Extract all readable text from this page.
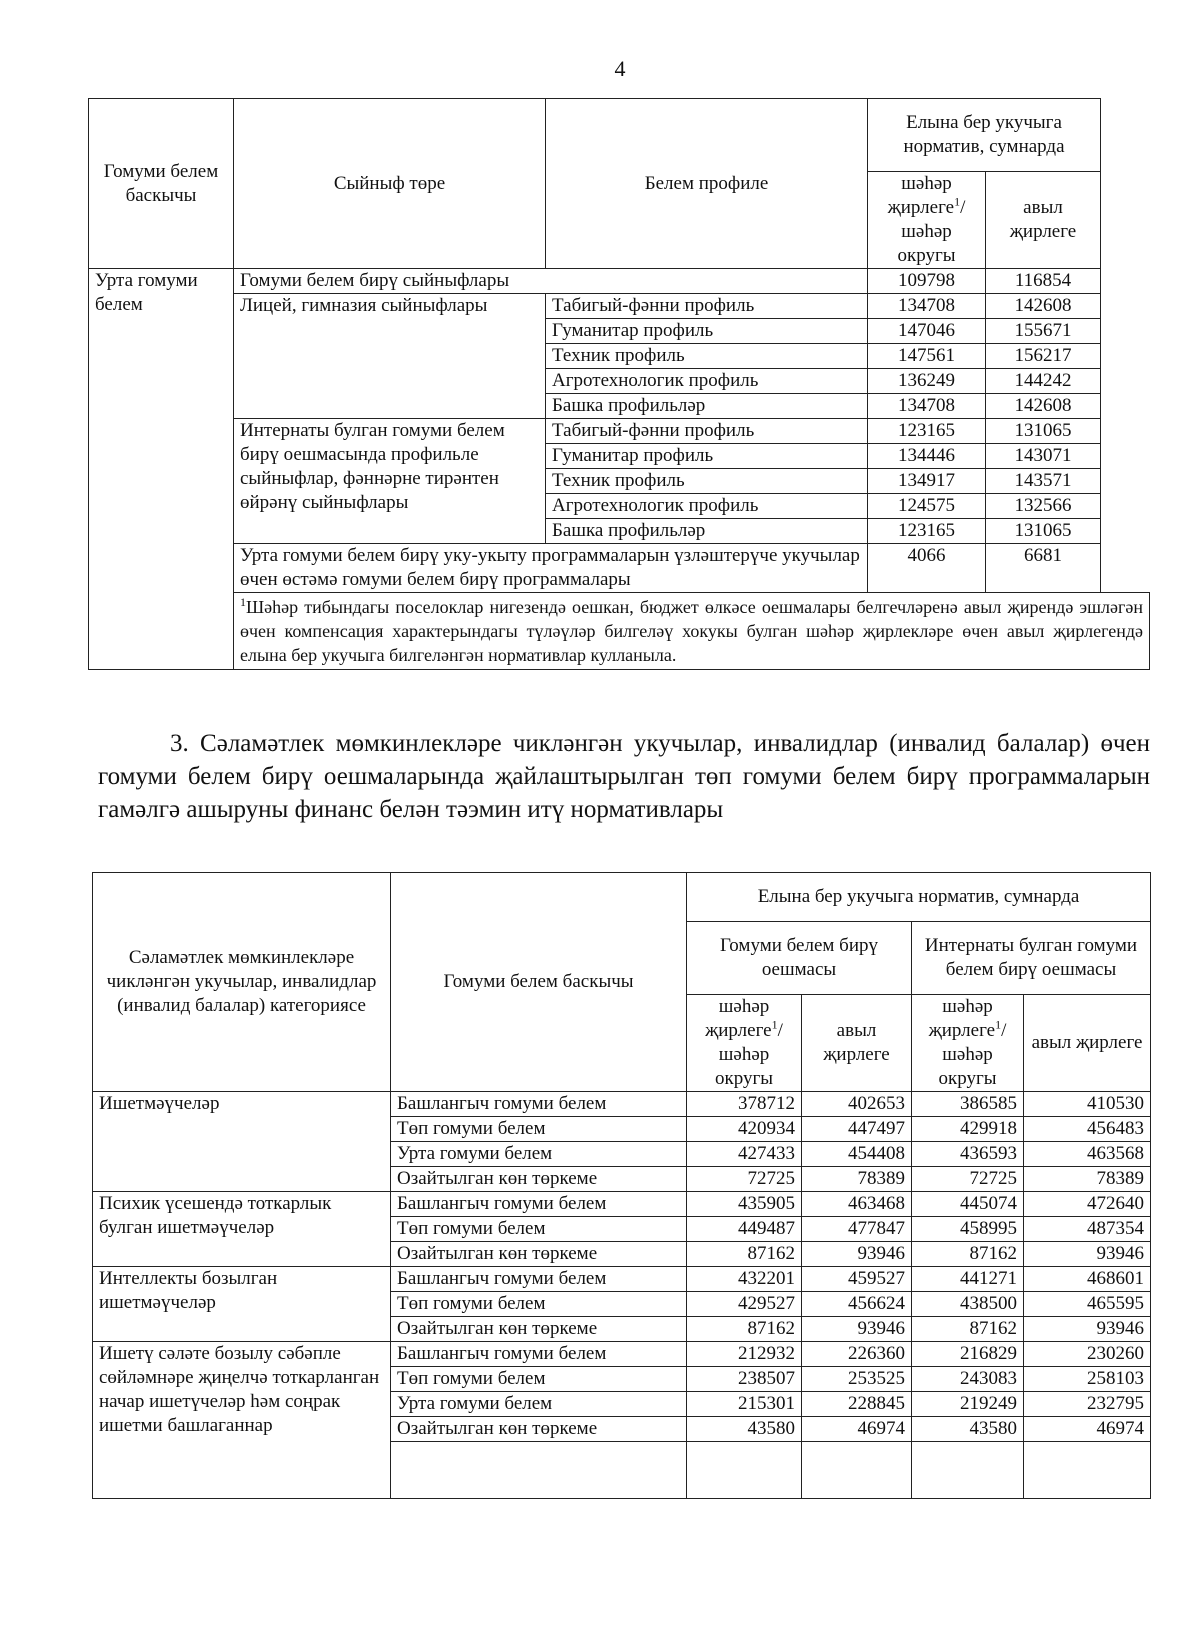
4
Гомуми белем баскычы	Сыйныф төре	Белем профиле	Елына бер укучыга норматив, сумнарда	
			шәһәр җирлеге$^1$/ шәһәр округы	авыл җирлеге
Урта гомуми белем	Гомуми белем бирү сыйныфлары		109798	116854
	Лицей, гимназия сыйныфлары	Табигый-фәнни профиль	134708	142608
		Гуманитар профиль	147046	155671
		Техник профиль	147561	156217
		Агротехнологик профиль	136249	144242
		Башка профильләр	134708	142608
	Интернаты булган гомуми белем бирү оешмасында профильле сыйныфлар, фәннәрне тирәнтен өйрәнү сыйныфлары	Табигый-фәнни профиль	123165	131065
		Гуманитар профиль	134446	143071
		Техник профиль	134917	143571
		Агротехнологик профиль	124575	132566
		Башка профильләр	123165	131065
	Урта гомуми белем бирү уку-укыту программаларын үзләштерүче укучылар өчен өстәмә гомуми белем бирү программалары		4066	6681
	$^1$Шәһәр тибындагы поселоклар нигезендә оешкан, бюджет өлкәсе оешмалары белгечләренә авыл җирендә эшләгән өчен компенсация характерындагы түләүләр билгеләү хокукы булган шәһәр җирлекләре өчен авыл җирлегендә елына бер укучыга билгеләнгән нормативлар кулланыла.			
3. Сәламәтлек мөмкинлекләре чикләнгән укучылар, инвалидлар (инвалид балалар) өчен гомуми белем бирү оешмаларында җайлаштырылган төп гомуми белем бирү программаларын гамәлгә ашыруны финанс белән тәэмин итү нормативлары
Сәламәтлек мөмкинлекләре чикләнгән укучылар, инвалидлар (инвалид балалар) категориясе	Гомуми белем баскычы	Елына бер укучыга норматив, сумнарда			
		Гомуми белем бирү оешмасы		Интернаты булган гомуми белем бирү оешмасы	
		шәһәр җирлеге$^1$/ шәһәр округы	авыл җирлеге	шәһәр җирлеге$^1$/ шәһәр округы	авыл җирлеге
Ишетмәүчеләр	Башлангыч гомуми белем	378712	402653	386585	410530
	Төп гомуми белем	420934	447497	429918	456483
	Урта гомуми белем	427433	454408	436593	463568
	Озайтылган көн төркеме	72725	78389	72725	78389
Психик үсешендә тоткарлык булган ишетмәүчеләр	Башлангыч гомуми белем	435905	463468	445074	472640
	Төп гомуми белем	449487	477847	458995	487354
	Озайтылган көн төркеме	87162	93946	87162	93946
Интеллекты бозылган ишетмәүчеләр	Башлангыч гомуми белем	432201	459527	441271	468601
	Төп гомуми белем	429527	456624	438500	465595
	Озайтылган көн төркеме	87162	93946	87162	93946
Ишетү сәләте бозылу сәбәпле сөйләмнәре җиңелчә тоткарланган начар ишетүчеләр һәм соңрак ишетми башлаганнар	Башлангыч гомуми белем	212932	226360	216829	230260
	Төп гомуми белем	238507	253525	243083	258103
	Урта гомуми белем	215301	228845	219249	232795
	Озайтылган көн төркеме	43580	46974	43580	46974
